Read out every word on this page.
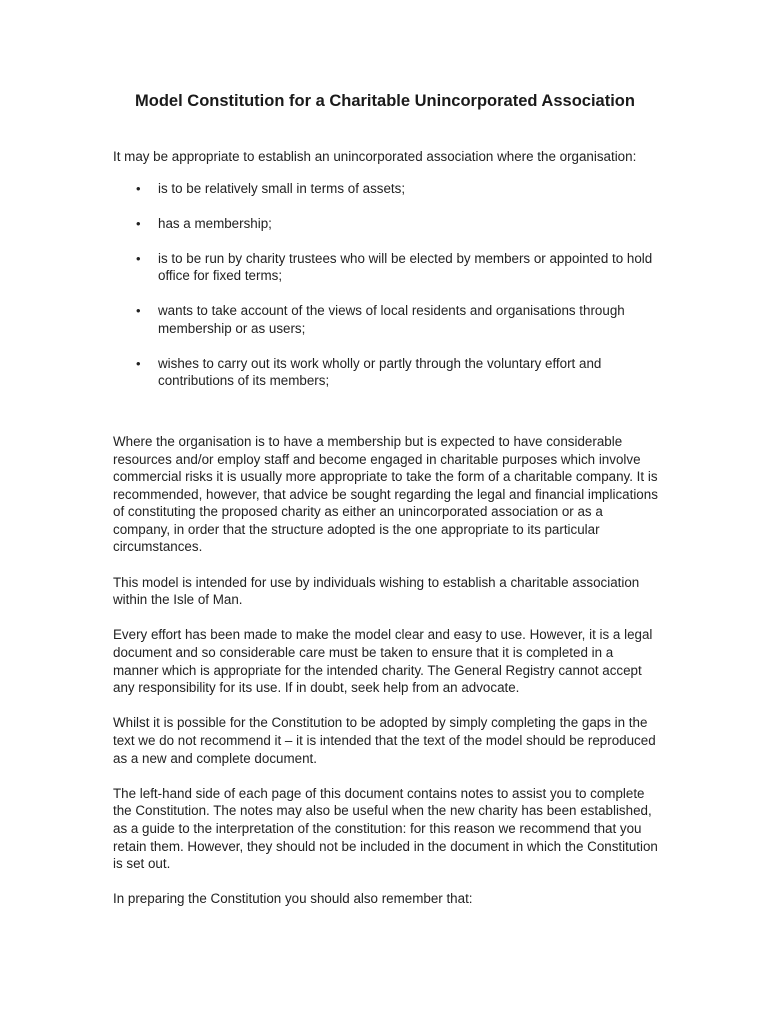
Model Constitution for a Charitable Unincorporated Association

It may be appropriate to establish an unincorporated association where the organisation:

• is to be relatively small in terms of assets;
• has a membership;
• is to be run by charity trustees who will be elected by members or appointed to hold office for fixed terms;
• wants to take account of the views of local residents and organisations through membership or as users;
• wishes to carry out its work wholly or partly through the voluntary effort and contributions of its members;

Where the organisation is to have a membership but is expected to have considerable resources and/or employ staff and become engaged in charitable purposes which involve commercial risks it is usually more appropriate to take the form of a charitable company. It is recommended, however, that advice be sought regarding the legal and financial implications of constituting the proposed charity as either an unincorporated association or as a company, in order that the structure adopted is the one appropriate to its particular circumstances.

This model is intended for use by individuals wishing to establish a charitable association within the Isle of Man.

Every effort has been made to make the model clear and easy to use. However, it is a legal document and so considerable care must be taken to ensure that it is completed in a manner which is appropriate for the intended charity. The General Registry cannot accept any responsibility for its use. If in doubt, seek help from an advocate.

Whilst it is possible for the Constitution to be adopted by simply completing the gaps in the text we do not recommend it – it is intended that the text of the model should be reproduced as a new and complete document.

The left-hand side of each page of this document contains notes to assist you to complete the Constitution. The notes may also be useful when the new charity has been established, as a guide to the interpretation of the constitution: for this reason we recommend that you retain them. However, they should not be included in the document in which the Constitution is set out.

In preparing the Constitution you should also remember that:
